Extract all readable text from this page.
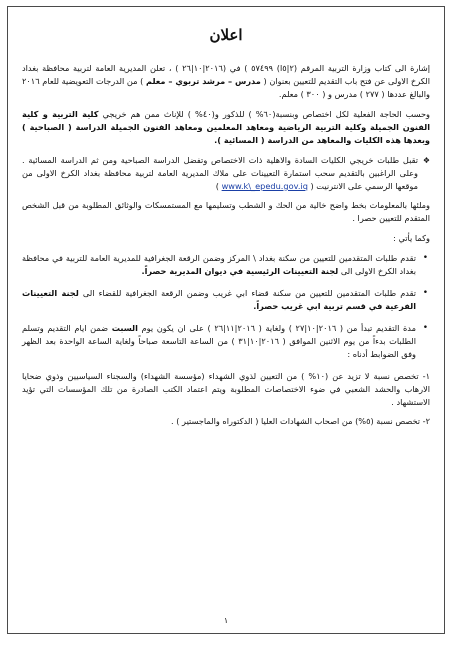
اعلان

إشارة الى كتاب وزارة التربية المرقم (٢|٥ا) ٥٧٤٩٩ ) في (٢٠١٦|١٠|٢٦ ) ، تعلن المديرية العامة لتربية محافظة بغداد الكرخ الاولى عن فتح باب التقديم للتعيين بعنوان ( مدرس – مرشد تربوي – معلم ) من الدرجات التعويضية للعام ٢٠١٦ والبالغ عددها ( ٢٧٧ ) مدرس و ( ٣٠٠ ) معلم.

وحسب الحاجة الفعلية لكل اختصاص وبنسبة(٦٠% ) للذكور و(٤٠% ) للإناث ممن هم خريجي كلية التربية و كلية الفنون الجميلة وكلية التربية الرياضية ومعاهد المعلمين ومعاهد الفنون الجميلة الدراسة ( الصباحية ) وبعدها هذه الكليات والمعاهد من الدراسة ( المسائية ).

❖
تقبل طلبات خريجي الكليات السادة والاهلية ذات الاختصاص وتفضل الدراسة الصباحية ومن ثم الدراسة المسائية . وعلى الراغبين بالتقديم سحب استمارة التعيينات على ملاك المديرية العامة لتربية محافظة بغداد الكرخ الاولى من موقعها الرسمي على الانترنيت ( www.k\_epedu.gov.iq )

وملئها بالمعلومات بخط واضح خالية من الحك و الشطب وتسليمها مع المستمسكات والوثائق المطلوبة من قبل الشخص المتقدم للتعيين حصرا .

وكما يأتي :

•
تقدم طلبات المتقدمين للتعيين من سكنة بغداد \ المركز وضمن الرقعة الجغرافية للمديرية العامة للتربية في محافظة بغداد الكرخ الاولى الى لجنة التعيينات الرئيسية في ديوان المديرية حصراً.
•
تقدم طلبات المتقدمين للتعيين من سكنة قضاء ابي غريب وضمن الرقعة الجغرافية للقضاء الى لجنة التعيينات الفرعية في قسم تربية ابي غريب حصراً.
•
مدة التقديم تبدأ من ( ٢٠١٦|١٠|٢٧ ) ولغاية ( ٢٠١٦|١١|٢٦ ) على ان يكون يوم السبت ضمن ايام التقديم وتسلم الطلبات بدءاً من يوم الاثنين الموافق ( ٢٠١٦|١٠|٣١ ) من الساعة التاسعة صباحاً ولغاية الساعة الواحدة بعد الظهر وفق الضوابط أدناه :

١- تخصص نسبة لا تزيد عن (١٠% ) من التعيين لذوي الشهداء (مؤسسة الشهداء) والسجناء السياسيين وذوي ضحايا الارهاب والحشد الشعبي في ضوء الاختصاصات المطلوبة ويتم اعتماد الكتب الصادرة من تلك المؤسسات التي تؤيد الاستشهاد .

٢- تخصص نسبة (٥%) من اصحاب الشهادات العليا ( الدكتوراه والماجستير ) .

١
